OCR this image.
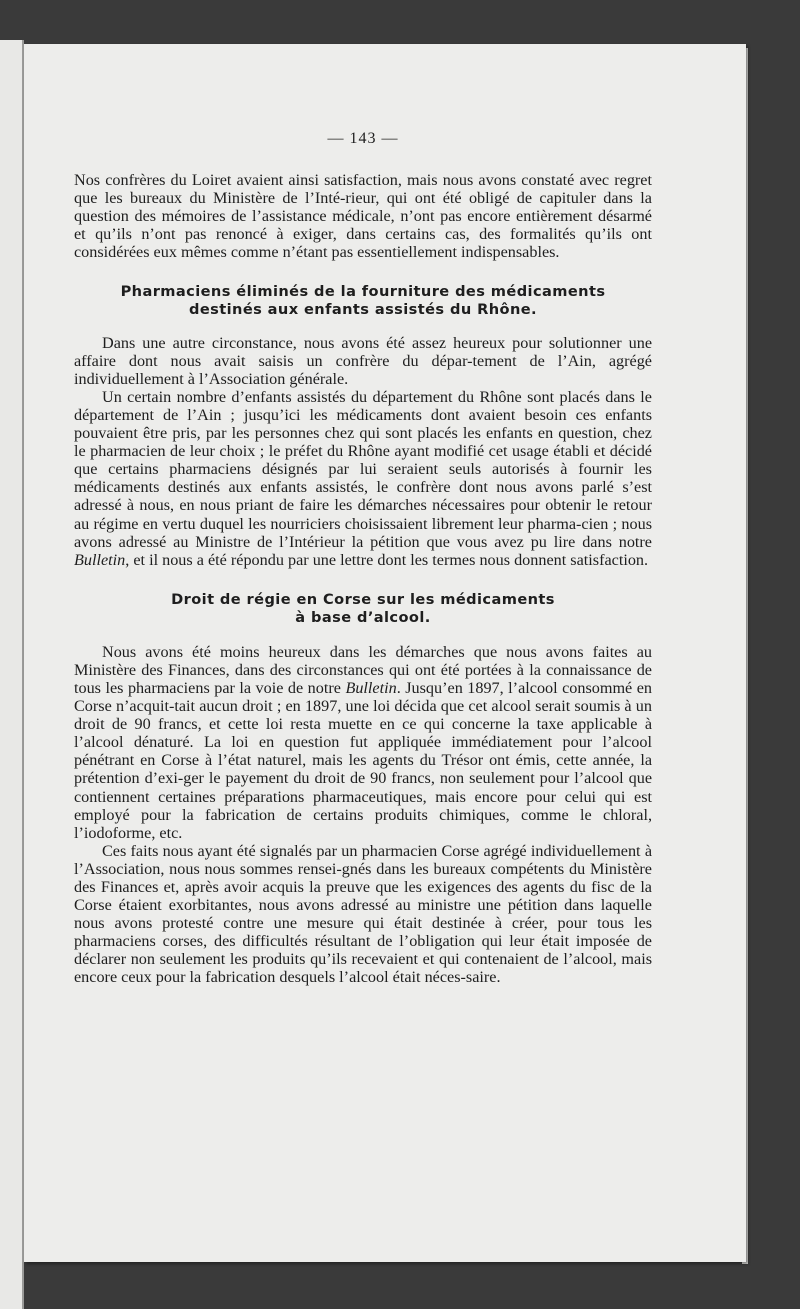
— 143 —

Nos confrères du Loiret avaient ainsi satisfaction, mais nous avons constaté avec regret que les bureaux du Ministère de l’Inté-rieur, qui ont été obligé de capituler dans la question des mémoires de l’assistance médicale, n’ont pas encore entièrement désarmé et qu’ils n’ont pas renoncé à exiger, dans certains cas, des formalités qu’ils ont considérées eux mêmes comme n’étant pas essentiellement indispensables.

Pharmaciens éliminés de la fourniture des médicaments
destinés aux enfants assistés du Rhône.

Dans une autre circonstance, nous avons été assez heureux pour solutionner une affaire dont nous avait saisis un confrère du dépar-tement de l’Ain, agrégé individuellement à l’Association générale.

Un certain nombre d’enfants assistés du département du Rhône sont placés dans le département de l’Ain ; jusqu’ici les médicaments dont avaient besoin ces enfants pouvaient être pris, par les personnes chez qui sont placés les enfants en question, chez le pharmacien de leur choix ; le préfet du Rhône ayant modifié cet usage établi et décidé que certains pharmaciens désignés par lui seraient seuls autorisés à fournir les médicaments destinés aux enfants assistés, le confrère dont nous avons parlé s’est adressé à nous, en nous priant de faire les démarches nécessaires pour obtenir le retour au régime en vertu duquel les nourriciers choisissaient librement leur pharma-cien ; nous avons adressé au Ministre de l’Intérieur la pétition que vous avez pu lire dans notre Bulletin, et il nous a été répondu par une lettre dont les termes nous donnent satisfaction.

Droit de régie en Corse sur les médicaments
à base d’alcool.

Nous avons été moins heureux dans les démarches que nous avons faites au Ministère des Finances, dans des circonstances qui ont été portées à la connaissance de tous les pharmaciens par la voie de notre Bulletin. Jusqu’en 1897, l’alcool consommé en Corse n’acquit-tait aucun droit ; en 1897, une loi décida que cet alcool serait soumis à un droit de 90 francs, et cette loi resta muette en ce qui concerne la taxe applicable à l’alcool dénaturé. La loi en question fut appliquée immédiatement pour l’alcool pénétrant en Corse à l’état naturel, mais les agents du Trésor ont émis, cette année, la prétention d’exi-ger le payement du droit de 90 francs, non seulement pour l’alcool que contiennent certaines préparations pharmaceutiques, mais encore pour celui qui est employé pour la fabrication de certains produits chimiques, comme le chloral, l’iodoforme, etc.

Ces faits nous ayant été signalés par un pharmacien Corse agrégé individuellement à l’Association, nous nous sommes rensei-gnés dans les bureaux compétents du Ministère des Finances et, après avoir acquis la preuve que les exigences des agents du fisc de la Corse étaient exorbitantes, nous avons adressé au ministre une pétition dans laquelle nous avons protesté contre une mesure qui était destinée à créer, pour tous les pharmaciens corses, des difficultés résultant de l’obligation qui leur était imposée de déclarer non seulement les produits qu’ils recevaient et qui contenaient de l’alcool, mais encore ceux pour la fabrication desquels l’alcool était néces-saire.
